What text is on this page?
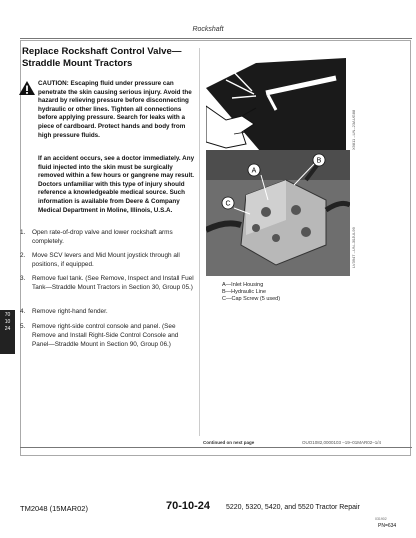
Rockshaft
Replace Rockshaft Control Valve—Straddle Mount Tractors
CAUTION: Escaping fluid under pressure can penetrate the skin causing serious injury. Avoid the hazard by relieving pressure before disconnecting hydraulic or other lines. Tighten all connections before applying pressure. Search for leaks with a piece of cardboard. Protect hands and body from high pressure fluids.
If an accident occurs, see a doctor immediately. Any fluid injected into the skin must be surgically removed within a few hours or gangrene may result. Doctors unfamiliar with this type of injury should reference a knowledgeable medical source. Such information is available from Deere & Company Medical Department in Moline, Illinois, U.S.A.
1. Open rate-of-drop valve and lower rockshaft arms completely.
2. Move SCV levers and Mid Mount joystick through all positions, if equipped.
3. Remove fuel tank. (See Remove, Inspect and Install Fuel Tank—Straddle Mount Tractors in Section 30, Group 05.)
4. Remove right-hand fender.
5. Remove right-side control console and panel. (See Remove and Install Right-Side Control Console and Panel—Straddle Mount in Section 90, Group 06.)
70
10
24
X9811 –UN–23AUG88
A
B
C
LV3947 –UN–30JUL99
A—Inlet Housing
B—Hydraulic Line
C—Cap Screw (5 used)
Continued on next page	OUO1082,0000103 –19–01MAR02–1/4
TM2048 (15MAR02)	70-10-24 5220, 5320, 5420, and 5520 Tractor Repair
031902
PN=634
